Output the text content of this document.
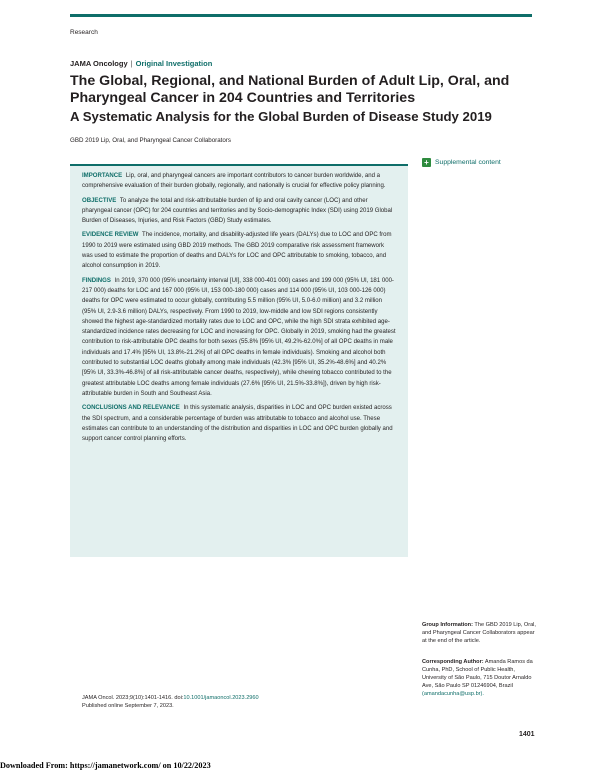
Research
JAMA Oncology | Original Investigation
The Global, Regional, and National Burden of Adult Lip, Oral, and Pharyngeal Cancer in 204 Countries and Territories
A Systematic Analysis for the Global Burden of Disease Study 2019
GBD 2019 Lip, Oral, and Pharyngeal Cancer Collaborators
+ Supplemental content

IMPORTANCE Lip, oral, and pharyngeal cancers are important contributors to cancer burden worldwide, and a comprehensive evaluation of their burden globally, regionally, and nationally is crucial for effective policy planning.

OBJECTIVE To analyze the total and risk-attributable burden of lip and oral cavity cancer (LOC) and other pharyngeal cancer (OPC) for 204 countries and territories and by Socio-demographic Index (SDI) using 2019 Global Burden of Diseases, Injuries, and Risk Factors (GBD) Study estimates.

EVIDENCE REVIEW The incidence, mortality, and disability-adjusted life years (DALYs) due to LOC and OPC from 1990 to 2019 were estimated using GBD 2019 methods. The GBD 2019 comparative risk assessment framework was used to estimate the proportion of deaths and DALYs for LOC and OPC attributable to smoking, tobacco, and alcohol consumption in 2019.

FINDINGS In 2019, 370 000 (95% uncertainty interval [UI], 338 000-401 000) cases and 199 000 (95% UI, 181 000-217 000) deaths for LOC and 167 000 (95% UI, 153 000-180 000) cases and 114 000 (95% UI, 103 000-126 000) deaths for OPC were estimated to occur globally, contributing 5.5 million (95% UI, 5.0-6.0 million) and 3.2 million (95% UI, 2.9-3.6 million) DALYs, respectively. From 1990 to 2019, low-middle and low SDI regions consistently showed the highest age-standardized mortality rates due to LOC and OPC, while the high SDI strata exhibited age-standardized incidence rates decreasing for LOC and increasing for OPC. Globally in 2019, smoking had the greatest contribution to risk-attributable OPC deaths for both sexes (55.8% [95% UI, 49.2%-62.0%] of all OPC deaths in male individuals and 17.4% [95% UI, 13.8%-21.2%] of all OPC deaths in female individuals). Smoking and alcohol both contributed to substantial LOC deaths globally among male individuals (42.3% [95% UI, 35.2%-48.6%] and 40.2% [95% UI, 33.3%-46.8%] of all risk-attributable cancer deaths, respectively), while chewing tobacco contributed to the greatest attributable LOC deaths among female individuals (27.6% [95% UI, 21.5%-33.8%]), driven by high risk-attributable burden in South and Southeast Asia.

CONCLUSIONS AND RELEVANCE In this systematic analysis, disparities in LOC and OPC burden existed across the SDI spectrum, and a considerable percentage of burden was attributable to tobacco and alcohol use. These estimates can contribute to an understanding of the distribution and disparities in LOC and OPC burden globally and support cancer control planning efforts.

Group Information: The GBD 2019 Lip, Oral, and Pharyngeal Cancer Collaborators appear at the end of the article.
Corresponding Author: Amanda Ramos da Cunha, PhD, School of Public Health, University of São Paulo, 715 Doutor Arnaldo Ave, São Paulo SP 01246904, Brazil (amandacunha@usp.br).
JAMA Oncol. 2023;9(10):1401-1416. doi:10.1001/jamaoncol.2023.2960
Published online September 7, 2023.
1401
Downloaded From: https://jamanetwork.com/ on 10/22/2023
